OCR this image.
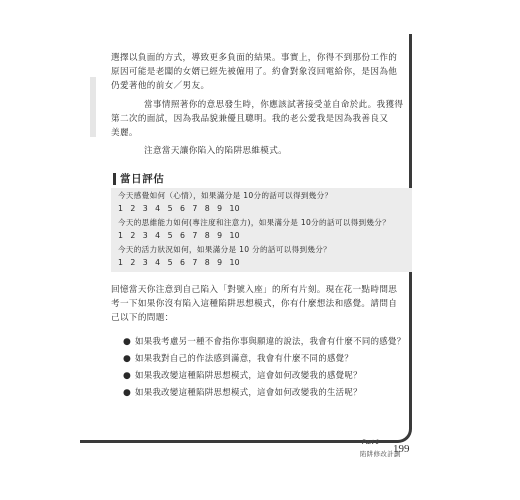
選擇以負面的方式，導致更多負面的結果。事實上，你得不到那份工作的
原因可能是老闆的女婿已經先被僱用了。約會對象沒回電給你，是因為他
仍愛著他的前女／男友。
當事情照著你的意思發生時，你應該試著接受並自命於此。我獲得
第二次的面試，因為我品貌兼優且聰明。我的老公愛我是因為我善良又
美麗。
注意當天讓你陷入的陷阱思維模式。
當日評估
今天感覺如何（心情），如果滿分是 10分的話可以得到幾分？
1 2 3 4 5 6 7 8 9 10
今天的思維能力如何(專注度和注意力)，如果滿分是 10分的話可以得到幾分？
1 2 3 4 5 6 7 8 9 10
今天的活力狀況如何，如果滿分是 10 分的話可以得到幾分？
1 2 3 4 5 6 7 8 9 10
回憶當天你注意到自己陷入「對號入座」的所有片刻。現在花一點時間思
考一下如果你沒有陷入這種陷阱思想模式，你有什麼想法和感覺。請問自
己以下的問題：
● 如果我考慮另一種不會指你事與願違的說法，我會有什麼不同的感覺？
● 如果我對自己的作法感到滿意，我會有什麼不同的感覺？
● 如果我改變這種陷阱思想模式，這會如何改變我的感覺呢？
● 如果我改變這種陷阱思想模式，這會如何改變我的生活呢？
Part 6
陷阱修改計劃
199
